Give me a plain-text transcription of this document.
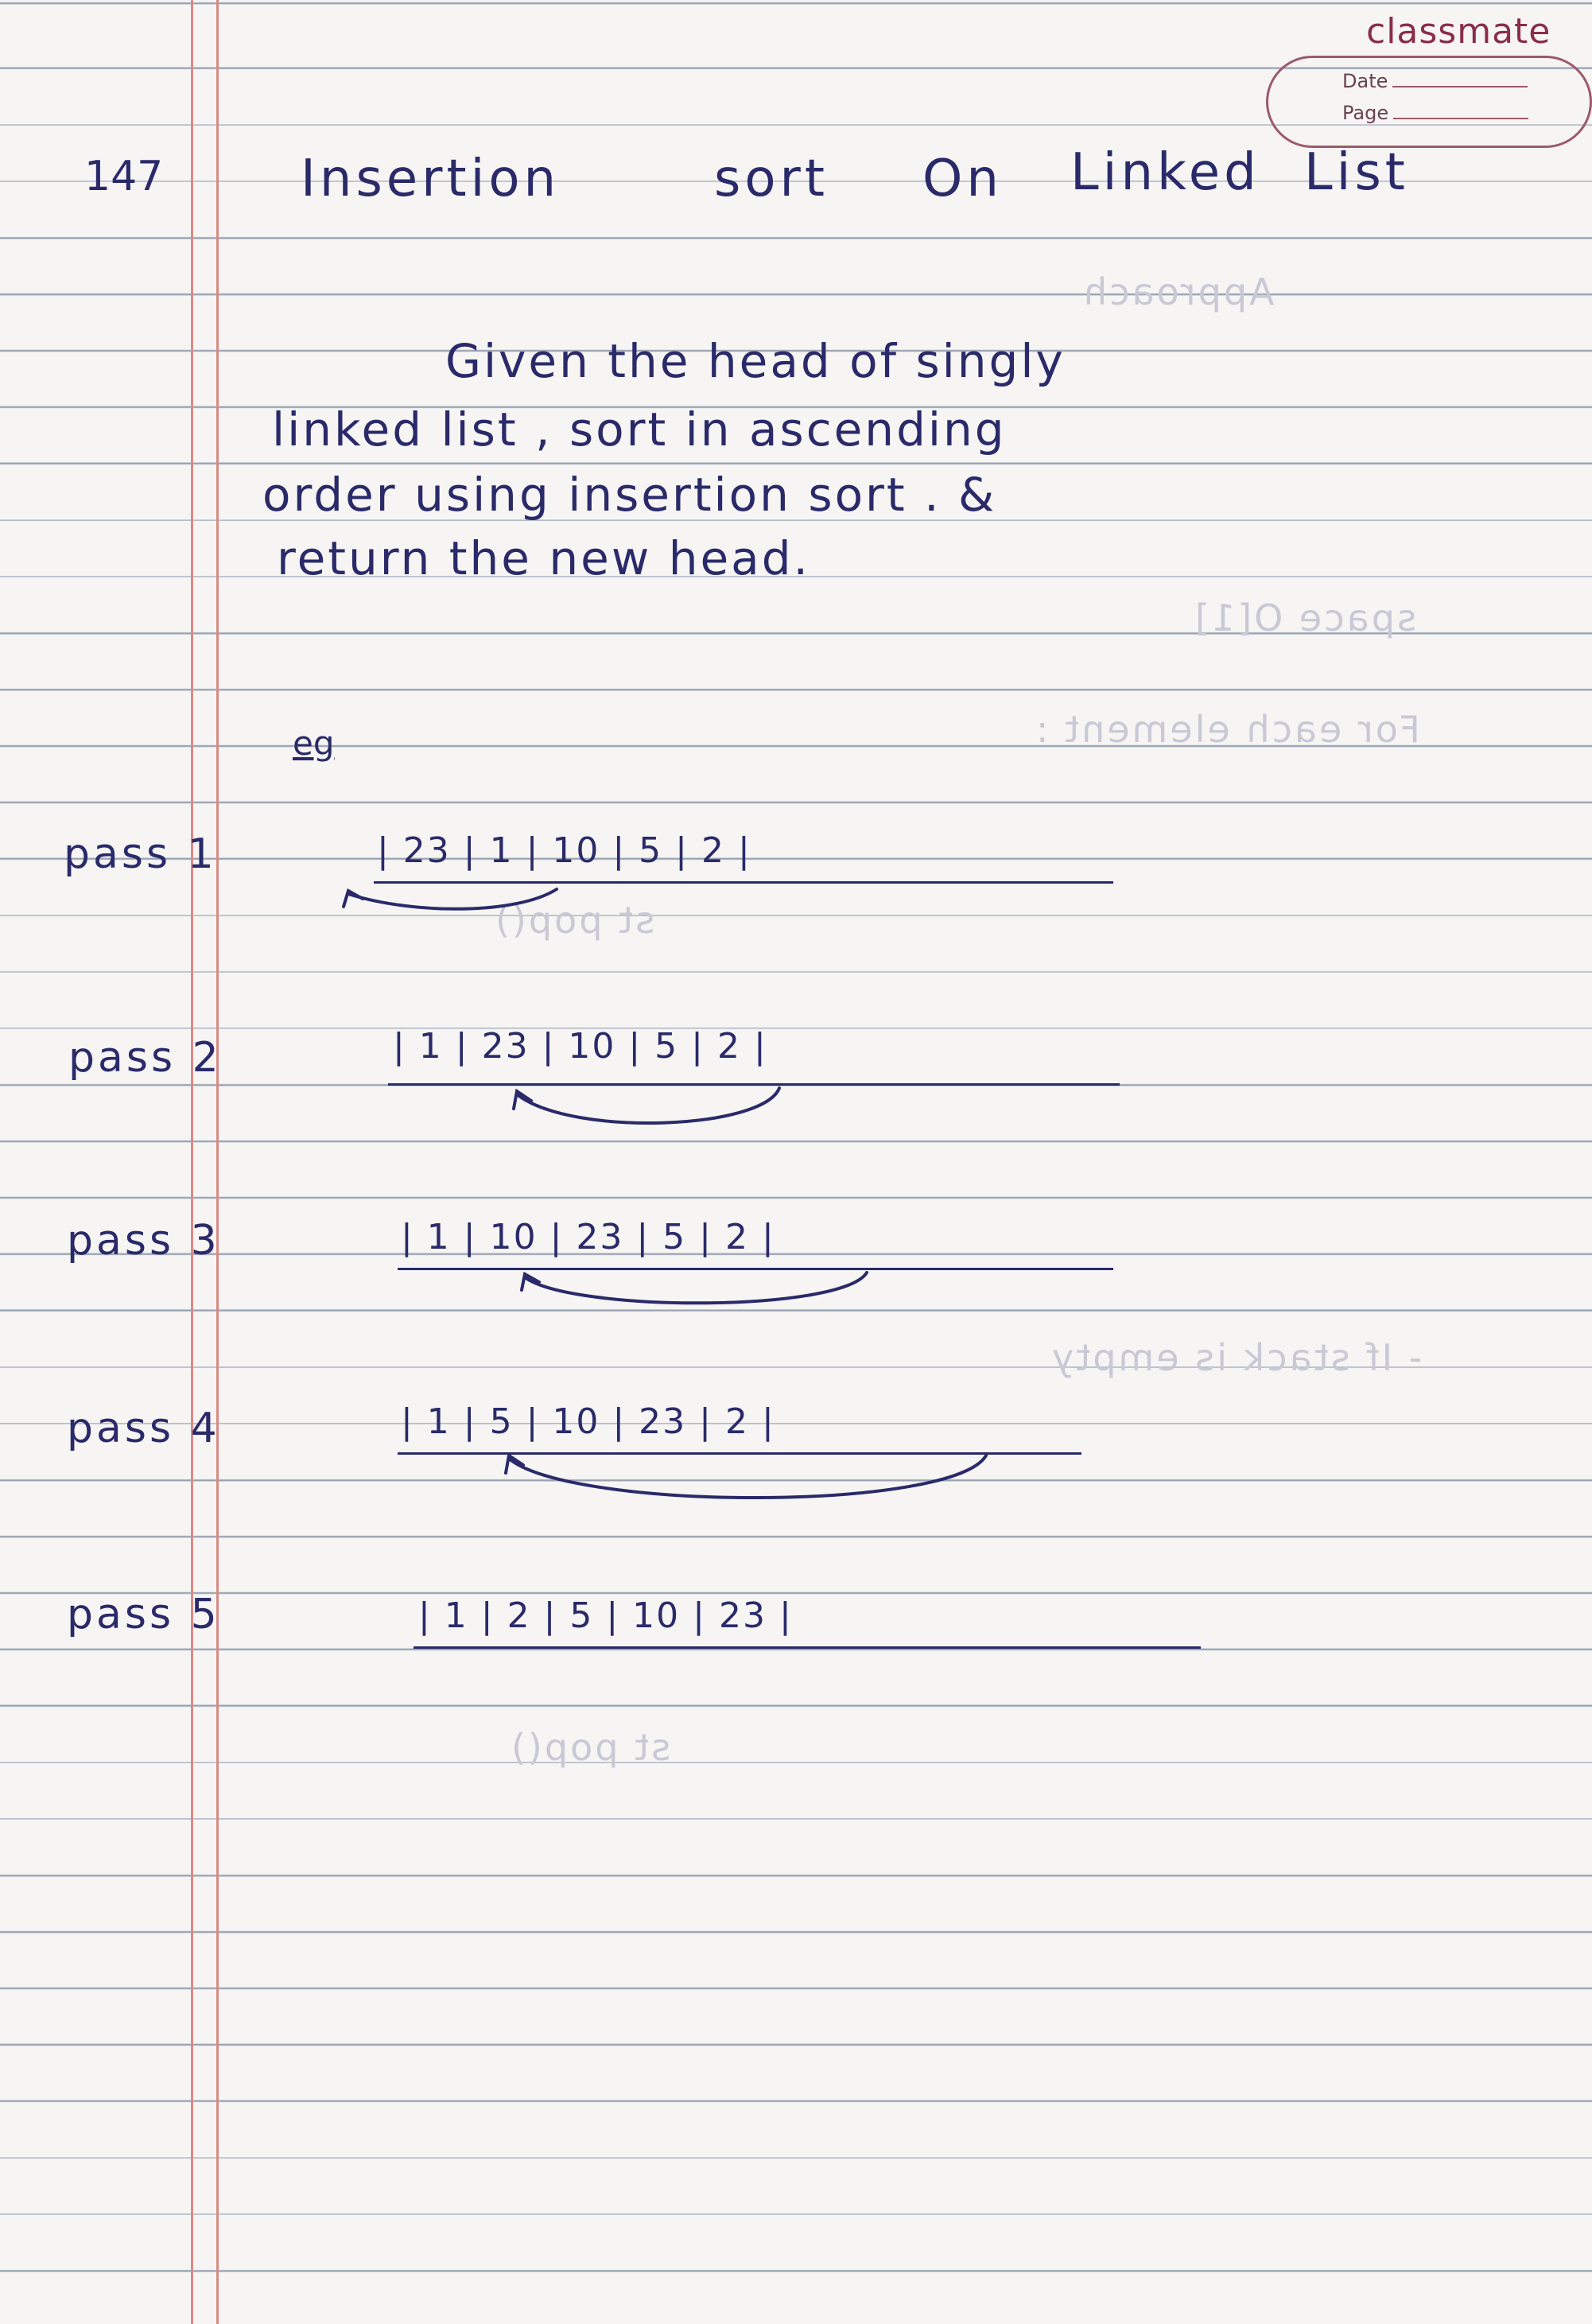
Approach
space O[1]
For each element :
st pop()
- If stack is empty
st pop()
classmate
Date
Page
147	Insertion	sort On Linked List
Given the head of singly
linked list , sort in ascending
order using insertion sort . &
return the new head.
eg
pass 1	| 23 | 1 | 10 | 5 | 2 |
pass 2	| 1 | 23 | 10 | 5 | 2 |
pass 3	| 1 | 10 | 23 | 5 | 2 |
pass 4	| 1 | 5 | 10 | 23 | 2 |
pass 5	| 1 | 2 | 5 | 10 | 23 |
